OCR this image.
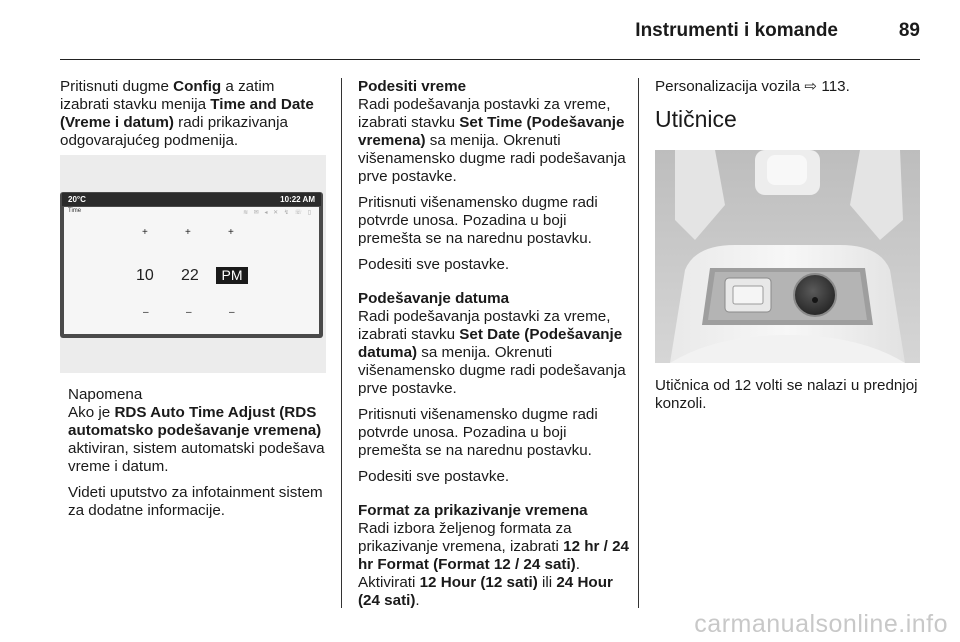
Instrumenti i komande	89

Pritisnuti dugme Config a zatim izabrati stavku menija Time and Date (Vreme i datum) radi prikazivanja odgovarajućeg podmenija.

20°C	10:22 AM
Time	≋ ✉ ◂ ✕ ↯ ☏ ▯
+	+	+
10 22	PM
–	–	–
Napomena

Ako je RDS Auto Time Adjust (RDS automatsko podešavanje vremena) aktiviran, sistem automatski podešava vreme i datum.

Videti uputstvo za infotainment sistem za dodatne informacije.

Podesiti vreme

Radi podešavanja postavki za vreme, izabrati stavku Set Time (Podešavanje vremena) sa menija. Okrenuti višenamensko dugme radi podešavanja prve postavke.

Pritisnuti višenamensko dugme radi potvrde unosa. Pozadina u boji premešta se na narednu postavku.

Podesiti sve postavke.

Podešavanje datuma

Radi podešavanja postavki za vreme, izabrati stavku Set Date (Podešavanje datuma) sa menija. Okrenuti višenamensko dugme radi podešavanja prve postavke.

Pritisnuti višenamensko dugme radi potvrde unosa. Pozadina u boji premešta se na narednu postavku.

Podesiti sve postavke.

Format za prikazivanje vremena

Radi izbora željenog formata za prikazivanje vremena, izabrati 12 hr / 24 hr Format (Format 12 / 24 sati). Aktivirati 12 Hour (12 sati) ili 24 Hour (24 sati).

Personalizacija vozila ⇨ 113.

Utičnice

Utičnica od 12 volti se nalazi u prednjoj konzoli.

carmanualsonline.info
